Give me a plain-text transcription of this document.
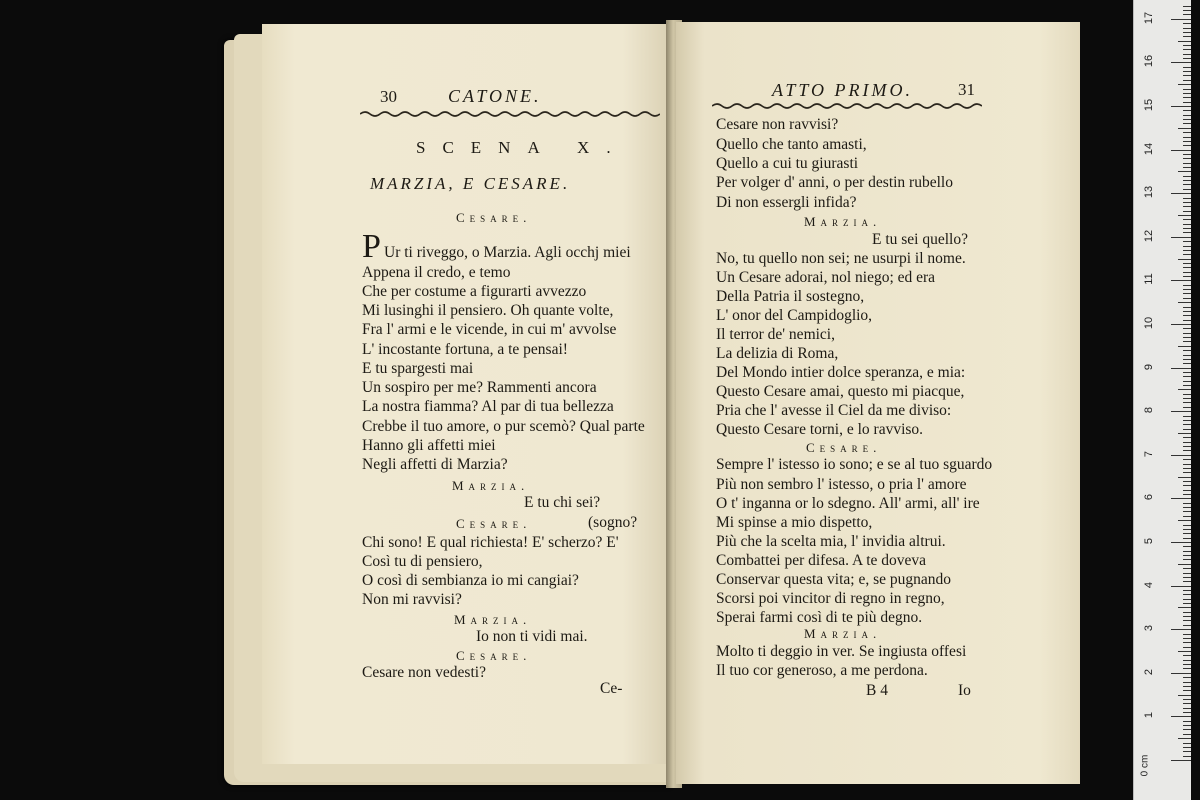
30	CATONE.
SCENA X.
MARZIA, E CESARE.
Cesare.
P Ur ti riveggo, o Marzia. Agli occhj miei
Appena il credo, e temo
Che per costume a figurarti avvezzo
Mi lusinghi il pensiero. Oh quante volte,
Fra l' armi e le vicende, in cui m' avvolse
L' incostante fortuna, a te pensai!
E tu spargesti mai
Un sospiro per me? Rammenti ancora
La nostra fiamma? Al par di tua bellezza
Crebbe il tuo amore, o pur scemò? Qual parte
Hanno gli affetti miei
Negli affetti di Marzia?
Marzia.
E tu chi sei?
Cesare.	(sogno?
Chi sono! E qual richiesta! E' scherzo? E'
Così tu di pensiero,
O così di sembianza io mi cangiai?
Non mi ravvisi?
Marzia.
Io non ti vidi mai.
Cesare.
Cesare non vedesti?
Ce-
ATTO PRIMO.	31
Cesare non ravvisi?
Quello che tanto amasti,
Quello a cui tu giurasti
Per volger d' anni, o per destin rubello
Di non essergli infida?
Marzia.
E tu sei quello?
No, tu quello non sei; ne usurpi il nome.
Un Cesare adorai, nol niego; ed era
Della Patria il sostegno,
L' onor del Campidoglio,
Il terror de' nemici,
La delizia di Roma,
Del Mondo intier dolce speranza, e mia:
Questo Cesare amai, questo mi piacque,
Pria che l' avesse il Ciel da me diviso:
Questo Cesare torni, e lo ravviso.
Cesare.
Sempre l' istesso io sono; e se al tuo sguardo
Più non sembro l' istesso, o pria l' amore
O t' inganna or lo sdegno. All' armi, all' ire
Mi spinse a mio dispetto,
Più che la scelta mia, l' invidia altrui.
Combattei per difesa. A te doveva
Conservar questa vita; e, se pugnando
Scorsi poi vincitor di regno in regno,
Sperai farmi così di te più degno.
Marzia.
Molto ti deggio in ver. Se ingiusta offesi
Il tuo cor generoso, a me perdona.
B 4	Io
0 cm
1
2
3
4
5
6
7
8
9
10
11
12
13
14
15
16
17
